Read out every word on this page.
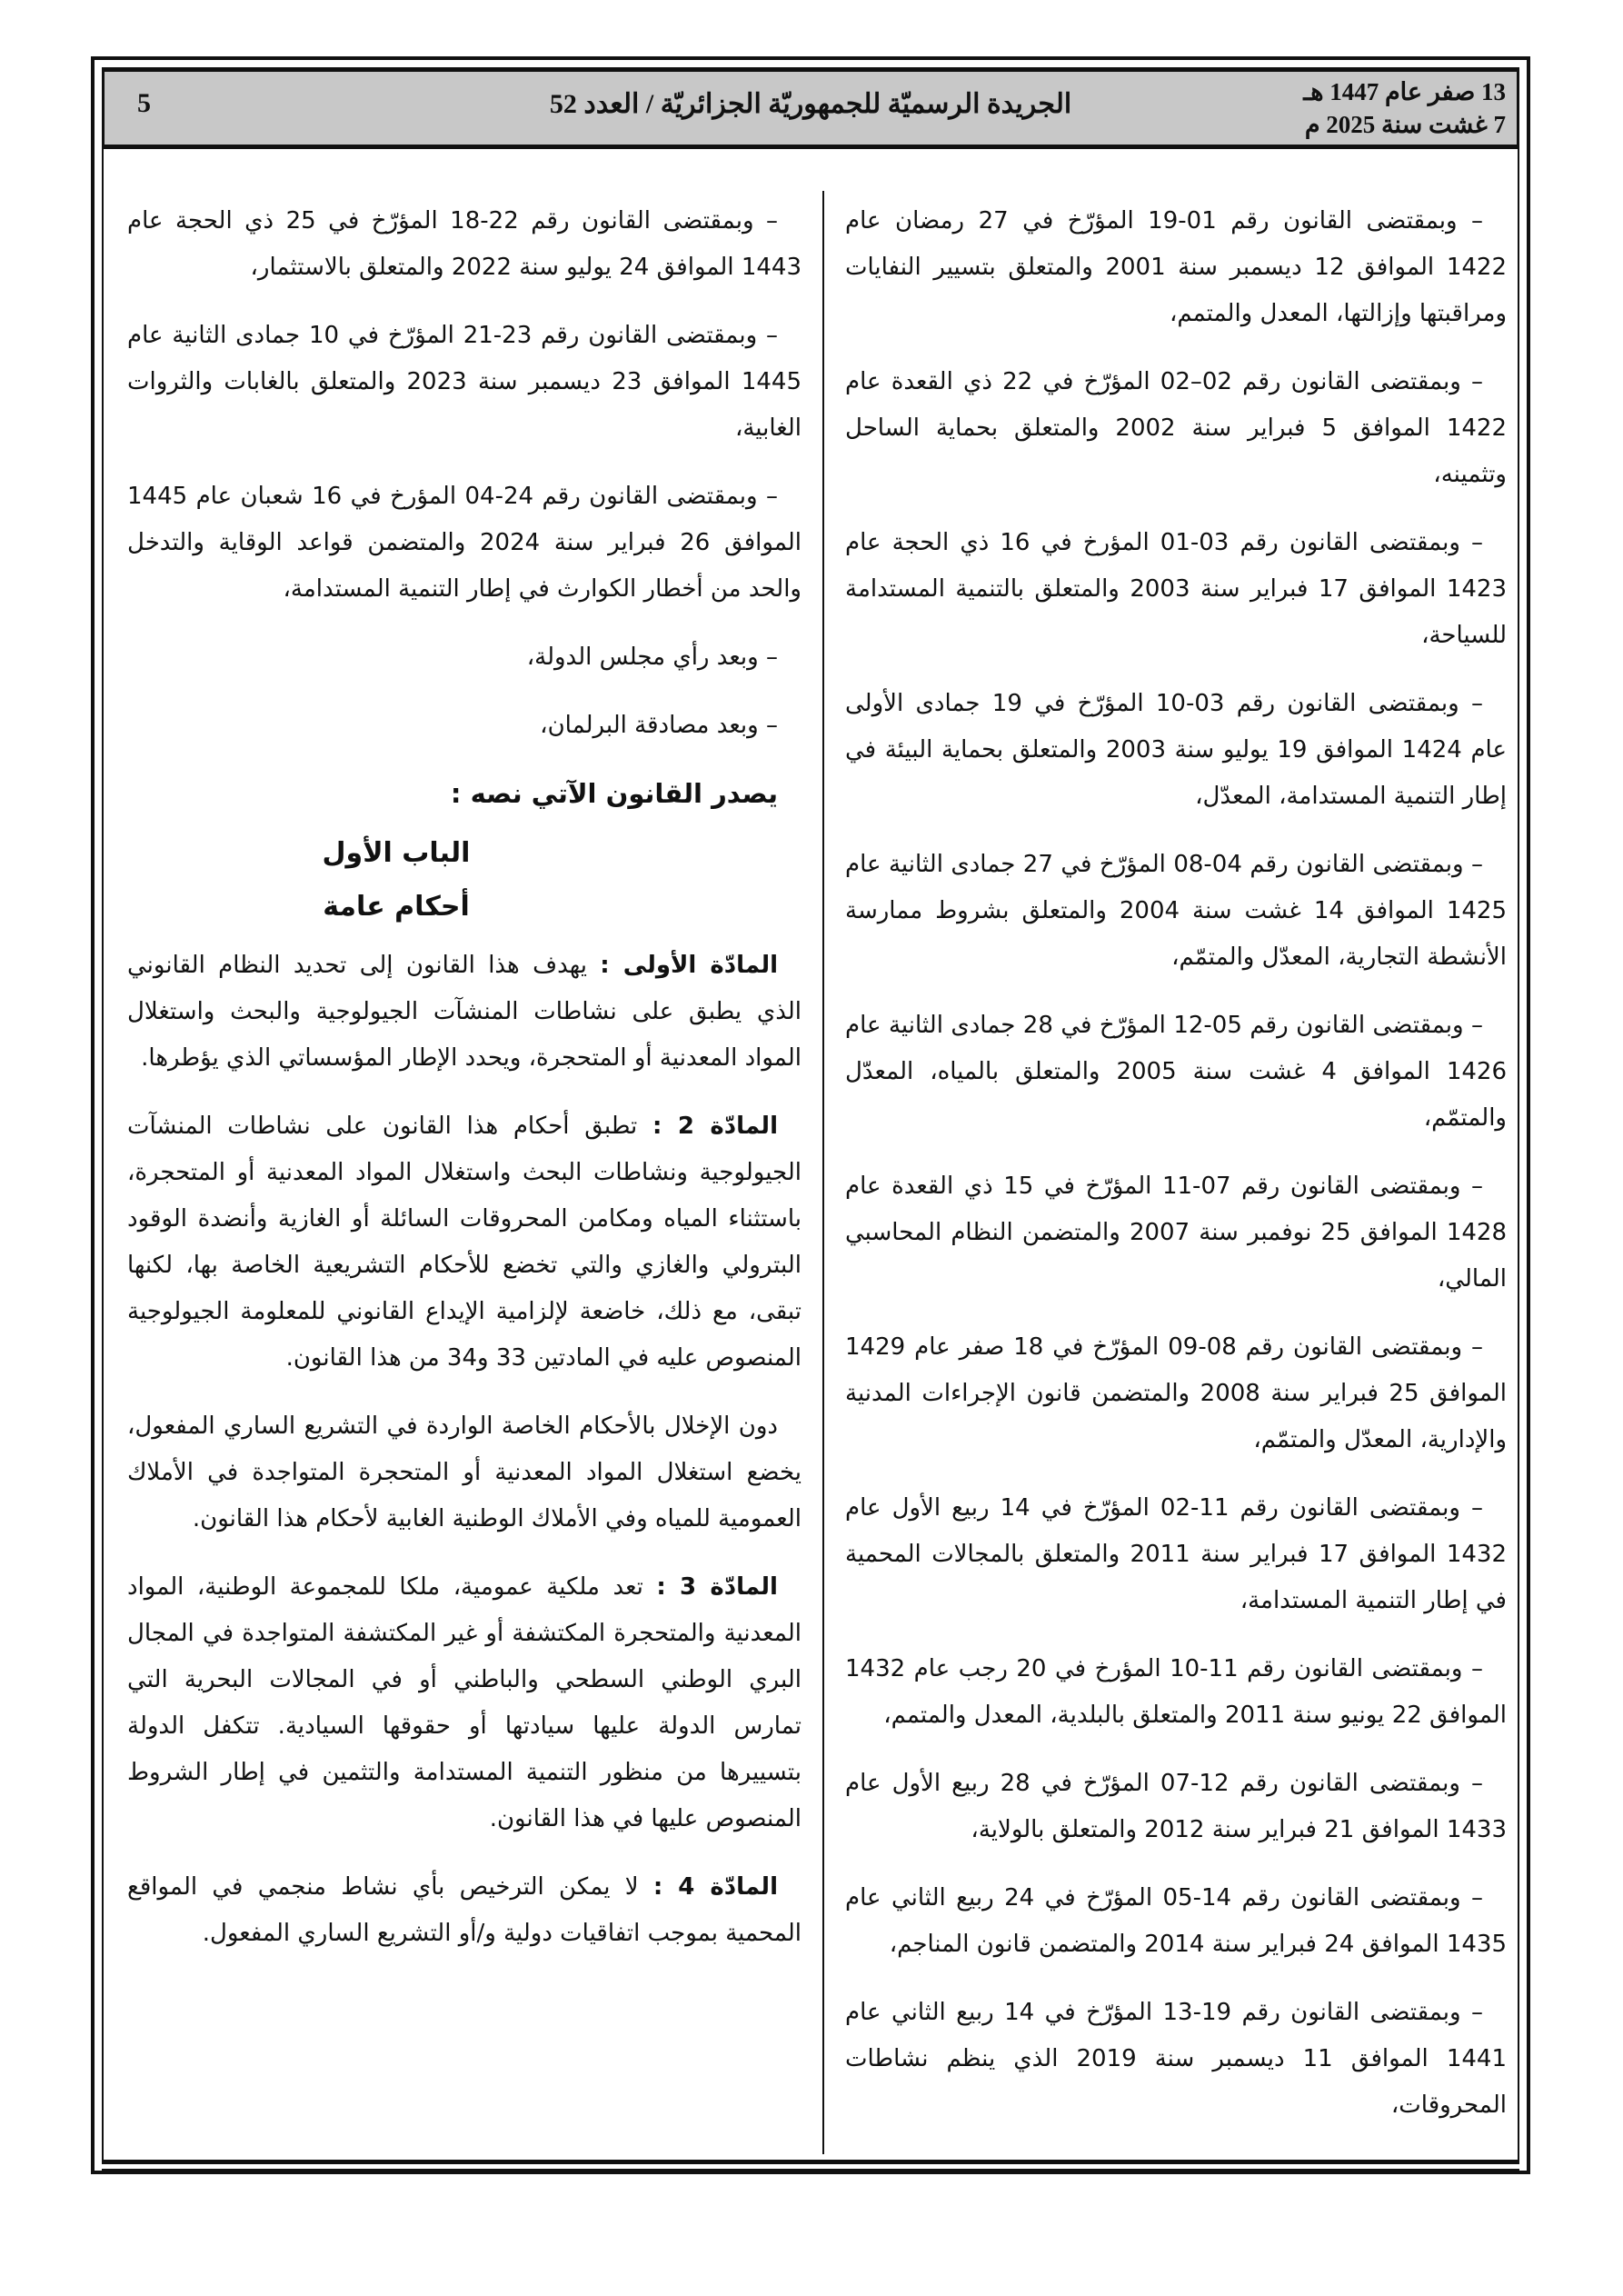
13 صفر عام 1447 هـ
7 غشت سنة 2025 م
الجريدة الرسميّة للجمهوريّة الجزائريّة / العدد 52
5

– وبمقتضى القانون رقم 01-19 المؤرّخ في 27 رمضان عام 1422 الموافق 12 ديسمبر سنة 2001 والمتعلق بتسيير النفايات ومراقبتها وإزالتها، المعدل والمتمم،

– وبمقتضى القانون رقم 02–02 المؤرّخ في 22 ذي القعدة عام 1422 الموافق 5 فبراير سنة 2002 والمتعلق بحماية الساحل وتثمينه،

– وبمقتضى القانون رقم 03-01 المؤرخ في 16 ذي الحجة عام 1423 الموافق 17 فبراير سنة 2003 والمتعلق بالتنمية المستدامة للسياحة،

– وبمقتضى القانون رقم 03-10 المؤرّخ في 19 جمادى الأولى عام 1424 الموافق 19 يوليو سنة 2003 والمتعلق بحماية البيئة في إطار التنمية المستدامة، المعدّل،

– وبمقتضى القانون رقم 04-08 المؤرّخ في 27 جمادى الثانية عام 1425 الموافق 14 غشت سنة 2004 والمتعلق بشروط ممارسة الأنشطة التجارية، المعدّل والمتمّم،

– وبمقتضى القانون رقم 05-12 المؤرّخ في 28 جمادى الثانية عام 1426 الموافق 4 غشت سنة 2005 والمتعلق بالمياه، المعدّل والمتمّم،

– وبمقتضى القانون رقم 07-11 المؤرّخ في 15 ذي القعدة عام 1428 الموافق 25 نوفمبر سنة 2007 والمتضمن النظام المحاسبي المالي،

– وبمقتضى القانون رقم 08-09 المؤرّخ في 18 صفر عام 1429 الموافق 25 فبراير سنة 2008 والمتضمن قانون الإجراءات المدنية والإدارية، المعدّل والمتمّم،

– وبمقتضى القانون رقم 11-02 المؤرّخ في 14 ربيع الأول عام 1432 الموافق 17 فبراير سنة 2011 والمتعلق بالمجالات المحمية في إطار التنمية المستدامة،

– وبمقتضى القانون رقم 11-10 المؤرخ في 20 رجب عام 1432 الموافق 22 يونيو سنة 2011 والمتعلق بالبلدية، المعدل والمتمم،

– وبمقتضى القانون رقم 12-07 المؤرّخ في 28 ربيع الأول عام 1433 الموافق 21 فبراير سنة 2012 والمتعلق بالولاية،

– وبمقتضى القانون رقم 14-05 المؤرّخ في 24 ربيع الثاني عام 1435 الموافق 24 فبراير سنة 2014 والمتضمن قانون المناجم،

– وبمقتضى القانون رقم 19-13 المؤرّخ في 14 ربيع الثاني عام 1441 الموافق 11 ديسمبر سنة 2019 الذي ينظم نشاطات المحروقات،

– وبمقتضى القانون رقم 22-18 المؤرّخ في 25 ذي الحجة عام 1443 الموافق 24 يوليو سنة 2022 والمتعلق بالاستثمار،

– وبمقتضى القانون رقم 23-21 المؤرّخ في 10 جمادى الثانية عام 1445 الموافق 23 ديسمبر سنة 2023 والمتعلق بالغابات والثروات الغابية،

– وبمقتضى القانون رقم 24-04 المؤرخ في 16 شعبان عام 1445 الموافق 26 فبراير سنة 2024 والمتضمن قواعد الوقاية والتدخل والحد من أخطار الكوارث في إطار التنمية المستدامة،

– وبعد رأي مجلس الدولة،

– وبعد مصادقة البرلمان،

يصدر القانون الآتي نصه :

الباب الأول

أحكام عامة

المادّة الأولى : يهدف هذا القانون إلى تحديد النظام القانوني الذي يطبق على نشاطات المنشآت الجيولوجية والبحث واستغلال المواد المعدنية أو المتحجرة، ويحدد الإطار المؤسساتي الذي يؤطرها.

المادّة 2 : تطبق أحكام هذا القانون على نشاطات المنشآت الجيولوجية ونشاطات البحث واستغلال المواد المعدنية أو المتحجرة، باستثناء المياه ومكامن المحروقات السائلة أو الغازية وأنضدة الوقود البترولي والغازي والتي تخضع للأحكام التشريعية الخاصة بها، لكنها تبقى، مع ذلك، خاضعة لإلزامية الإيداع القانوني للمعلومة الجيولوجية المنصوص عليه في المادتين 33 و34 من هذا القانون.

دون الإخلال بالأحكام الخاصة الواردة في التشريع الساري المفعول، يخضع استغلال المواد المعدنية أو المتحجرة المتواجدة في الأملاك العمومية للمياه وفي الأملاك الوطنية الغابية لأحكام هذا القانون.

المادّة 3 : تعد ملكية عمومية، ملكا للمجموعة الوطنية، المواد المعدنية والمتحجرة المكتشفة أو غير المكتشفة المتواجدة في المجال البري الوطني السطحي والباطني أو في المجالات البحرية التي تمارس الدولة عليها سيادتها أو حقوقها السيادية. تتكفل الدولة بتسييرها من منظور التنمية المستدامة والتثمين في إطار الشروط المنصوص عليها في هذا القانون.

المادّة 4 : لا يمكن الترخيص بأي نشاط منجمي في المواقع المحمية بموجب اتفاقيات دولية و/أو التشريع الساري المفعول.
